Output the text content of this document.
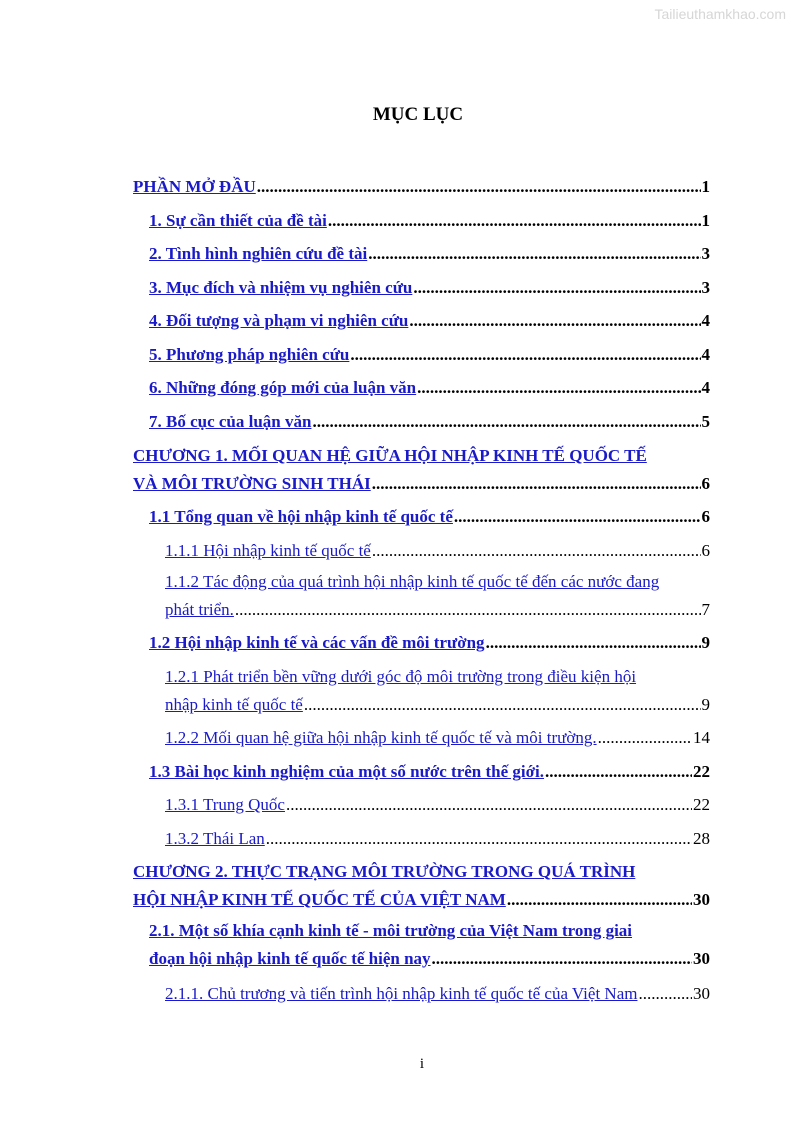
Tailieuthamkhao.com
MỤC LỤC
PHẦN MỞ ĐẦU .....	1
1. Sự cần thiết của đề tài .....	1
2. Tình hình nghiên cứu đề tài .....	3
3. Mục đích và nhiệm vụ nghiên cứu .....	3
4. Đối tượng và phạm vi nghiên cứu .....	4
5. Phương pháp nghiên cứu .....	4
6. Những đóng góp mới của luận văn .....	4
7. Bố cục của luận văn .....	5
CHƯƠNG 1. MỐI QUAN HỆ GIỮA HỘI NHẬP KINH TẾ QUỐC TẾ
VÀ MÔI TRƯỜNG SINH THÁI .....	6
1.1 Tổng quan về hội nhập kinh tế quốc tế .....	6
1.1.1 Hội nhập kinh tế quốc tế .....	6
1.1.2 Tác động của quá trình hội nhập kinh tế quốc tế đến các nước đang
phát triển. .....	7
1.2 Hội nhập kinh tế và các vấn đề môi trường .....	9
1.2.1 Phát triển bền vững dưới góc độ môi trường trong điều kiện hội
nhập kinh tế quốc tế .....	9
1.2.2 Mối quan hệ giữa hội nhập kinh tế quốc tế và môi trường. .....	14
1.3 Bài học kinh nghiệm của một số nước trên thế giới. .....	22
1.3.1 Trung Quốc .....	22
1.3.2 Thái Lan .....	28
CHƯƠNG 2. THỰC TRẠNG MÔI TRƯỜNG TRONG QUÁ TRÌNH
HỘI NHẬP KINH TẾ QUỐC TẾ CỦA VIỆT NAM .....	30
2.1. Một số khía cạnh kinh tế - môi trường của Việt Nam trong giai
đoạn hội nhập kinh tế quốc tế hiện nay .....	30
2.1.1. Chủ trương và tiến trình hội nhập kinh tế quốc tế của Việt Nam .....	30
i
